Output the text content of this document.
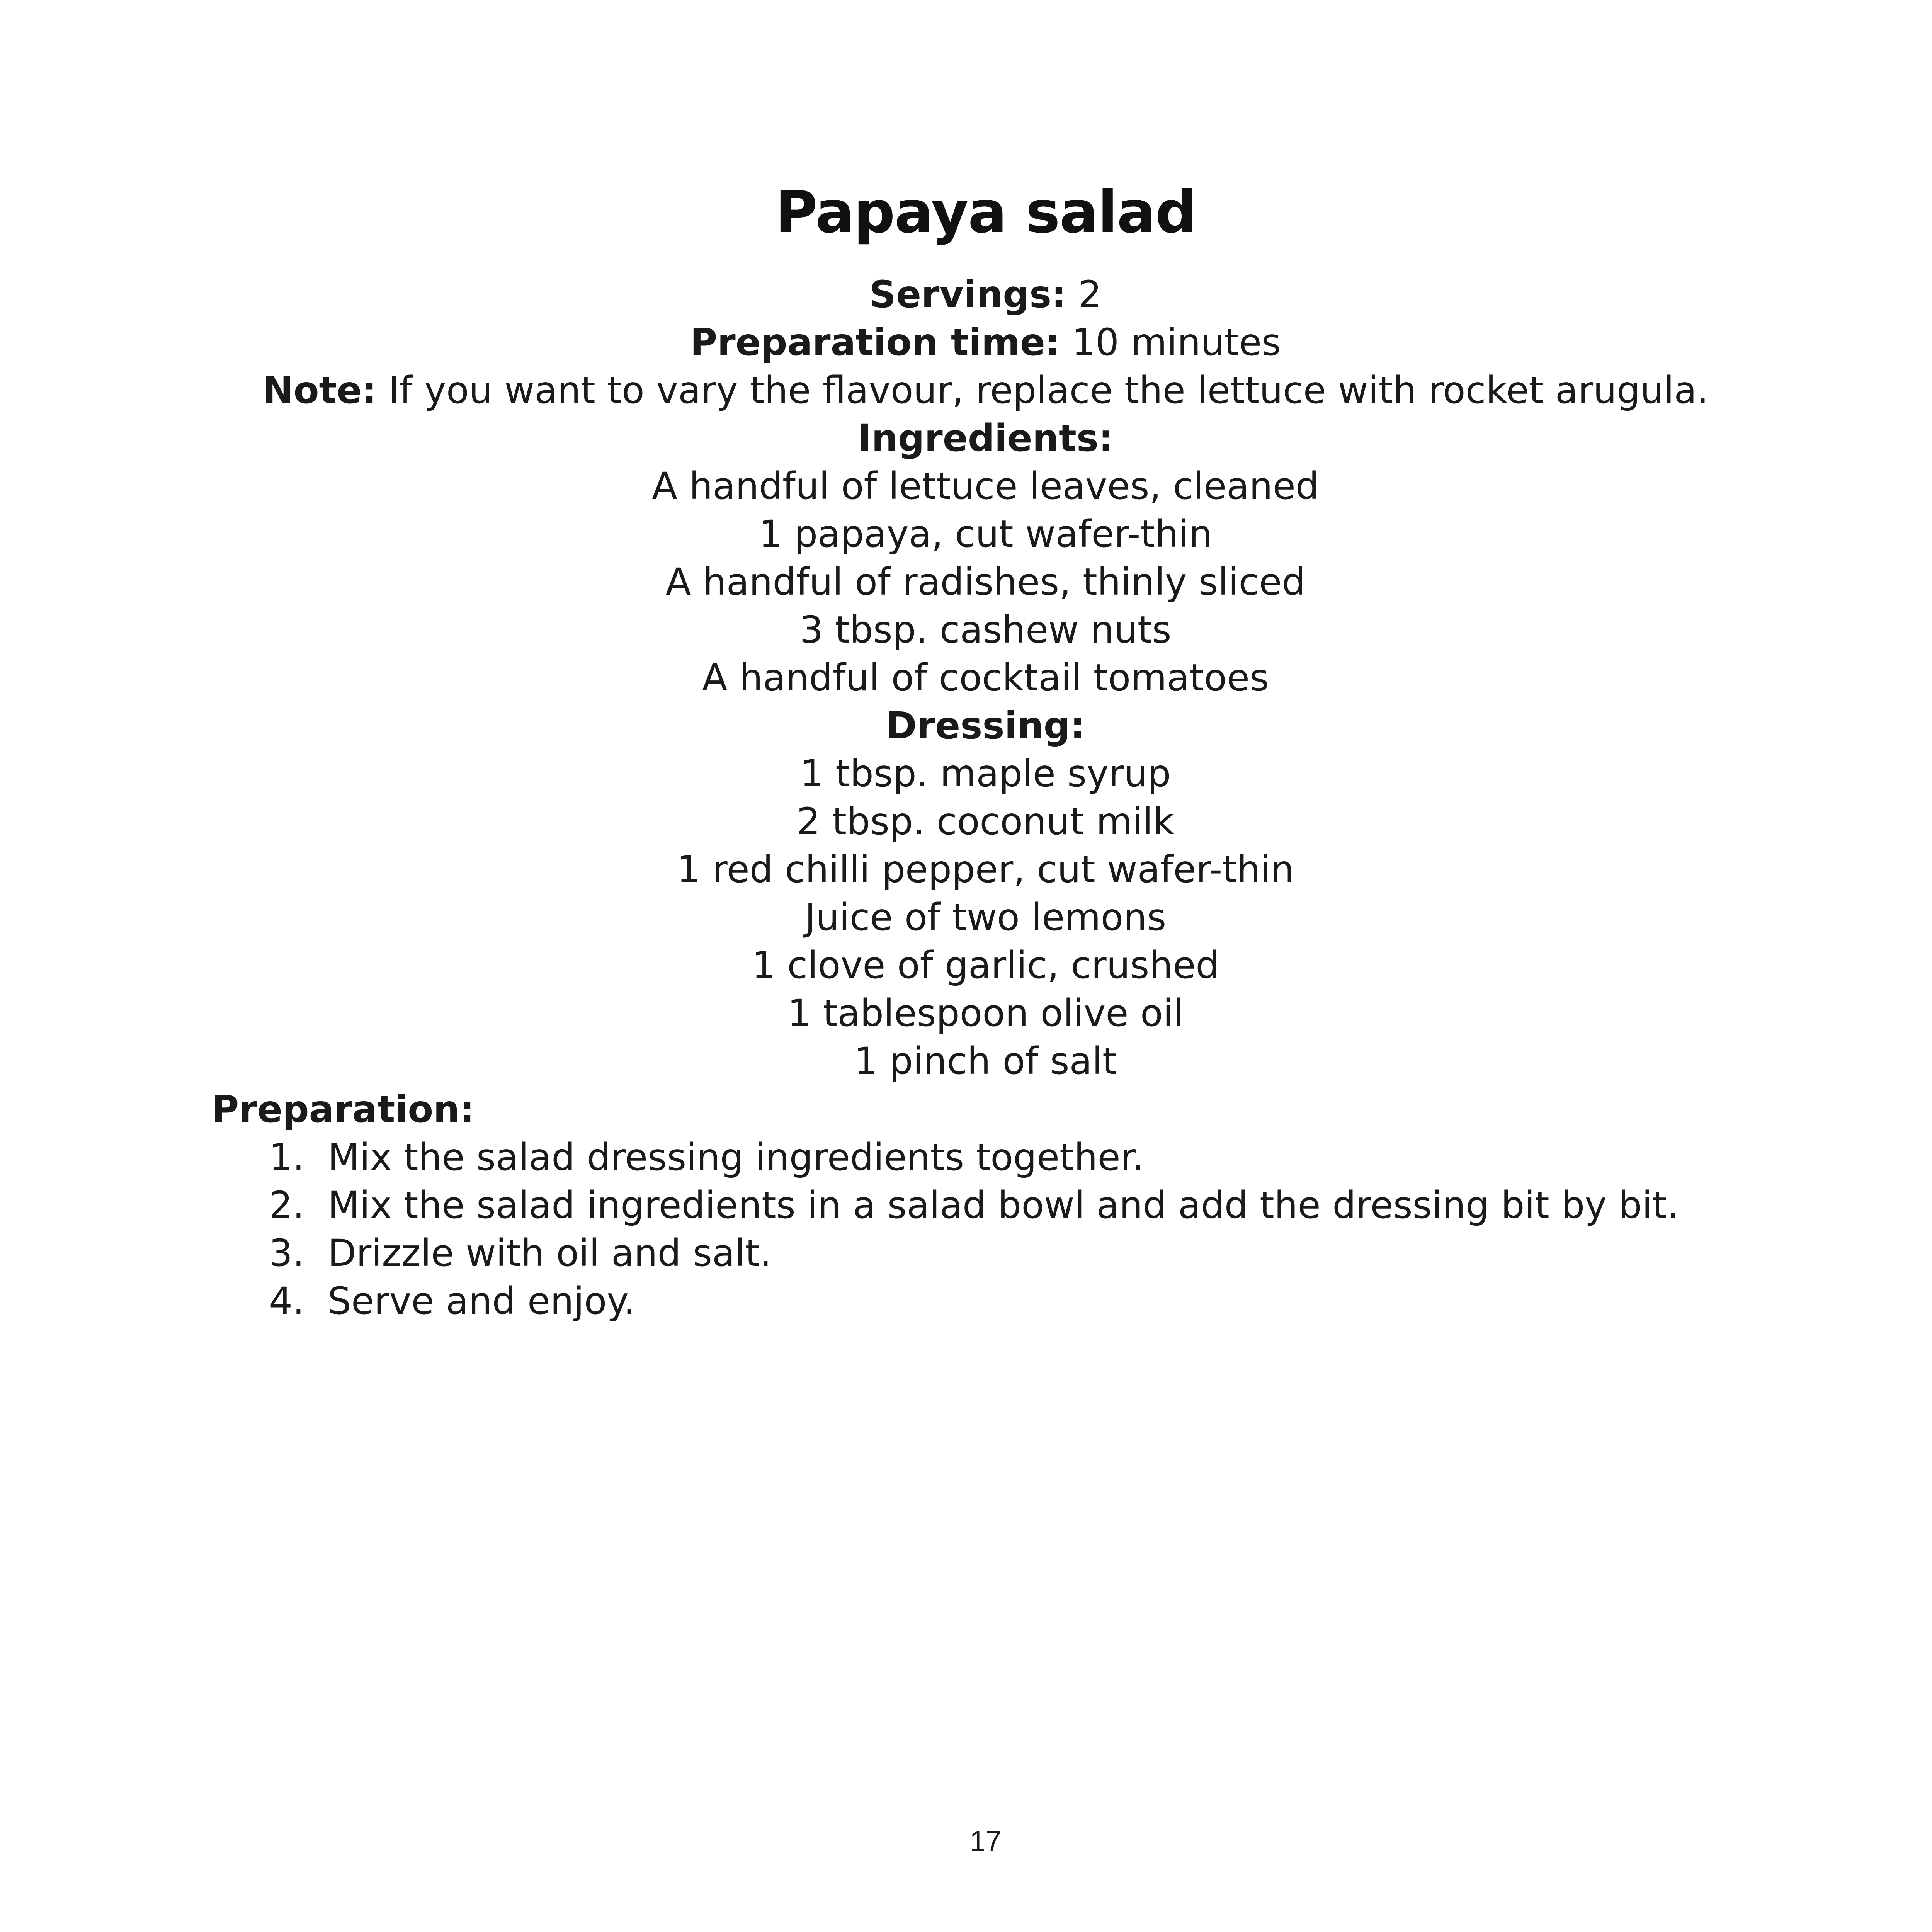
Papaya salad
Servings: 2
Preparation time: 10 minutes
Note: If you want to vary the flavour, replace the lettuce with rocket arugula.
Ingredients:
A handful of lettuce leaves, cleaned
1 papaya, cut wafer-thin
A handful of radishes, thinly sliced
3 tbsp. cashew nuts
A handful of cocktail tomatoes
Dressing:
1 tbsp. maple syrup
2 tbsp. coconut milk
1 red chilli pepper, cut wafer-thin
Juice of two lemons
1 clove of garlic, crushed
1 tablespoon olive oil
1 pinch of salt
Preparation:
1. Mix the salad dressing ingredients together.
2. Mix the salad ingredients in a salad bowl and add the dressing bit by bit.
3. Drizzle with oil and salt.
4. Serve and enjoy.
17
